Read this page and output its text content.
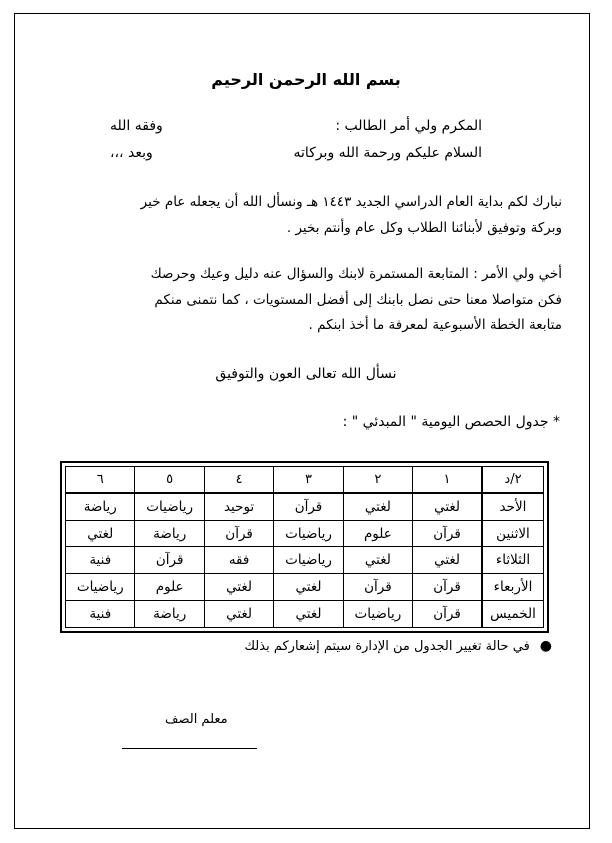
بسم الله الرحمن الرحيم
المكرم ولي أمر الطالب :
وفقه الله
السلام عليكم ورحمة الله وبركاته
وبعد ،،،
نبارك لكم بداية العام الدراسي الجديد ١٤٤٣ هـ ونسأل الله أن يجعله عام خير
وبركة وتوفيق لأبنائنا الطلاب وكل عام وأنتم بخير .
أخي ولي الأمر : المتابعة المستمرة لابنك والسؤال عنه دليل وعيك وحرصك
فكن متواصلا معنا حتى نصل بابنك إلى أفضل المستويات ، كما نتمنى منكم
متابعة الخطة الأسبوعية لمعرفة ما أخذ ابنكم .
نسأل الله تعالى العون والتوفيق
* جدول الحصص اليومية " المبدئي " :
٢/د	١	٢	٣	٤	٥	٦
الأحد	لغتي	لغتي	قرآن	توحيد	رياضيات	رياضة
الاثنين	قرآن	علوم	رياضيات	قرآن	رياضة	لغتي
الثلاثاء	لغتي	لغتي	رياضيات	فقه	قرآن	فنية
الأربعاء	قرآن	قرآن	لغتي	لغتي	علوم	رياضيات
الخميس	قرآن	رياضيات	لغتي	لغتي	رياضة	فنية
●في حالة تغيير الجدول من الإدارة سيتم إشعاركم بذلك
معلم الصف
